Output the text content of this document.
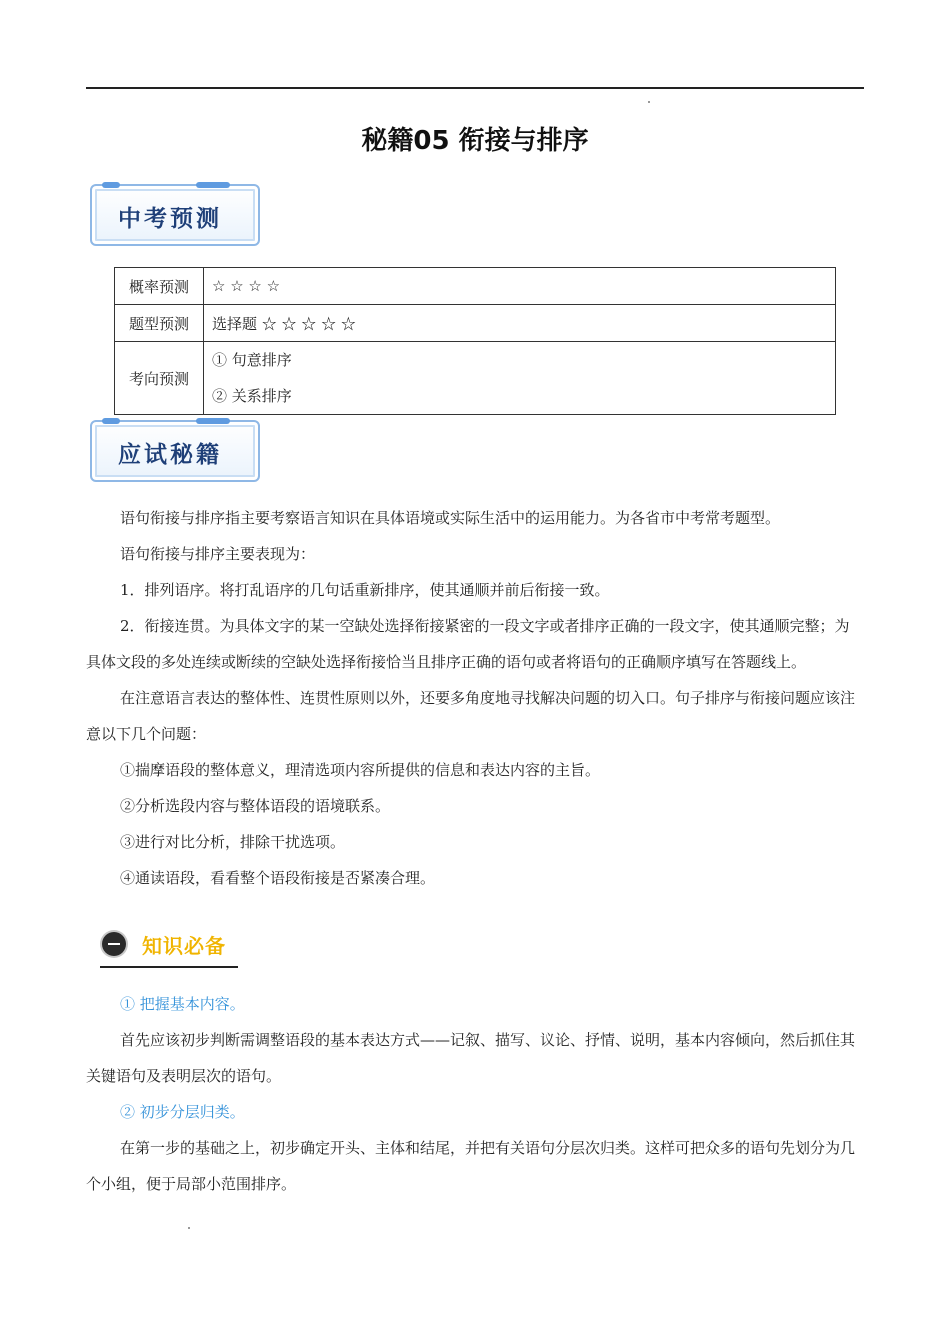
秘籍05 衔接与排序
中考预测
概率预测	☆ ☆ ☆ ☆
题型预测	选择题 ☆ ☆ ☆ ☆ ☆
考向预测	① 句意排序
② 关系排序
应试秘籍

语句衔接与排序指主要考察语言知识在具体语境或实际生活中的运用能力。为各省市中考常考题型。

语句衔接与排序主要表现为：

1．排列语序。将打乱语序的几句话重新排序，使其通顺并前后衔接一致。

2．衔接连贯。为具体文字的某一空缺处选择衔接紧密的一段文字或者排序正确的一段文字，使其通顺完整；为具体文段的多处连续或断续的空缺处选择衔接恰当且排序正确的语句或者将语句的正确顺序填写在答题线上。

在注意语言表达的整体性、连贯性原则以外，还要多角度地寻找解决问题的切入口。句子排序与衔接问题应该注意以下几个问题：

①揣摩语段的整体意义，理清选项内容所提供的信息和表达内容的主旨。

②分析选段内容与整体语段的语境联系。

③进行对比分析，排除干扰选项。

④通读语段，看看整个语段衔接是否紧凑合理。

知识必备

① 把握基本内容。

首先应该初步判断需调整语段的基本表达方式——记叙、描写、议论、抒情、说明，基本内容倾向，然后抓住其关键语句及表明层次的语句。

② 初步分层归类。

在第一步的基础之上，初步确定开头、主体和结尾，并把有关语句分层次归类。这样可把众多的语句先划分为几个小组，便于局部小范围排序。
